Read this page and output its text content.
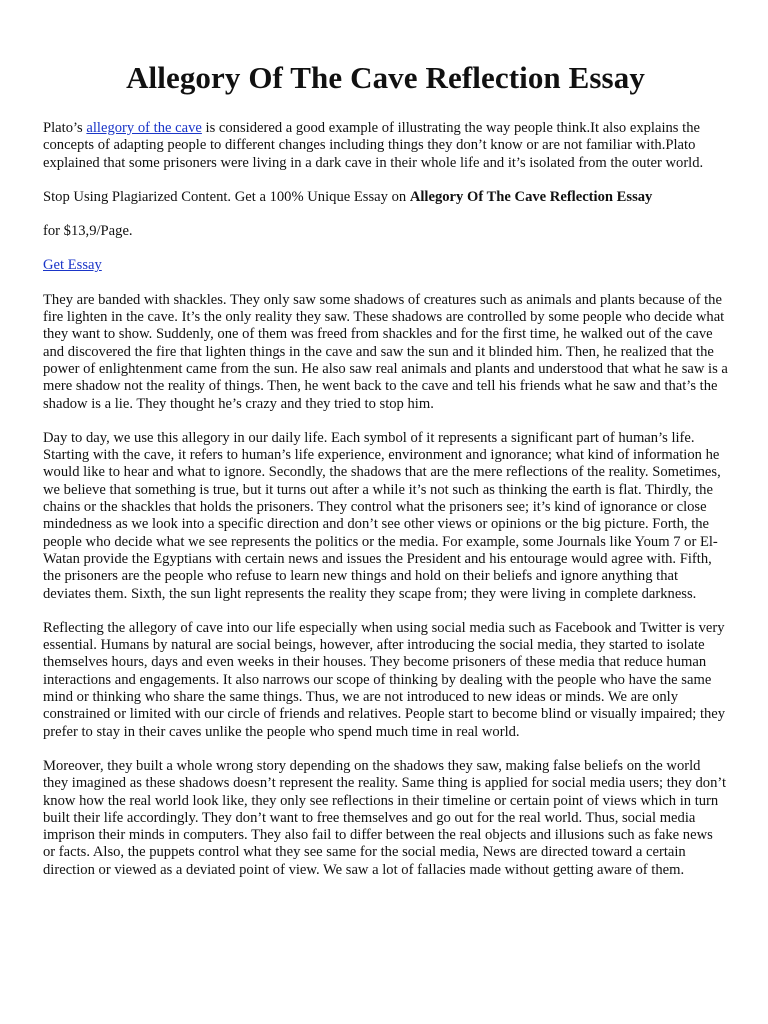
Allegory Of The Cave Reflection Essay

Plato’s allegory of the cave is considered a good example of illustrating the way people think.It also explains the concepts of adapting people to different changes including things they don’t know or are not familiar with.Plato explained that some prisoners were living in a dark cave in their whole life and it’s isolated from the outer world.

Stop Using Plagiarized Content. Get a 100% Unique Essay on Allegory Of The Cave Reflection Essay

for $13,9/Page.

Get Essay

They are banded with shackles. They only saw some shadows of creatures such as animals and plants because of the fire lighten in the cave. It’s the only reality they saw. These shadows are controlled by some people who decide what they want to show. Suddenly, one of them was freed from shackles and for the first time, he walked out of the cave and discovered the fire that lighten things in the cave and saw the sun and it blinded him. Then, he realized that the power of enlightenment came from the sun. He also saw real animals and plants and understood that what he saw is a mere shadow not the reality of things. Then, he went back to the cave and tell his friends what he saw and that’s the shadow is a lie. They thought he’s crazy and they tried to stop him.

Day to day, we use this allegory in our daily life. Each symbol of it represents a significant part of human’s life. Starting with the cave, it refers to human’s life experience, environment and ignorance; what kind of information he would like to hear and what to ignore. Secondly, the shadows that are the mere reflections of the reality. Sometimes, we believe that something is true, but it turns out after a while it’s not such as thinking the earth is flat. Thirdly, the chains or the shackles that holds the prisoners. They control what the prisoners see; it’s kind of ignorance or close mindedness as we look into a specific direction and don’t see other views or opinions or the big picture. Forth, the people who decide what we see represents the politics or the media. For example, some Journals like Youm 7 or El-Watan provide the Egyptians with certain news and issues the President and his entourage would agree with. Fifth, the prisoners are the people who refuse to learn new things and hold on their beliefs and ignore anything that deviates them. Sixth, the sun light represents the reality they scape from; they were living in complete darkness.

Reflecting the allegory of cave into our life especially when using social media such as Facebook and Twitter is very essential. Humans by natural are social beings, however, after introducing the social media, they started to isolate themselves hours, days and even weeks in their houses. They become prisoners of these media that reduce human interactions and engagements. It also narrows our scope of thinking by dealing with the people who have the same mind or thinking who share the same things. Thus, we are not introduced to new ideas or minds. We are only constrained or limited with our circle of friends and relatives. People start to become blind or visually impaired; they prefer to stay in their caves unlike the people who spend much time in real world.

Moreover, they built a whole wrong story depending on the shadows they saw, making false beliefs on the world they imagined as these shadows doesn’t represent the reality. Same thing is applied for social media users; they don’t know how the real world look like, they only see reflections in their timeline or certain point of views which in turn built their life accordingly. They don’t want to free themselves and go out for the real world. Thus, social media imprison their minds in computers. They also fail to differ between the real objects and illusions such as fake news or facts. Also, the puppets control what they see same for the social media, News are directed toward a certain direction or viewed as a deviated point of view. We saw a lot of fallacies made without getting aware of them.
